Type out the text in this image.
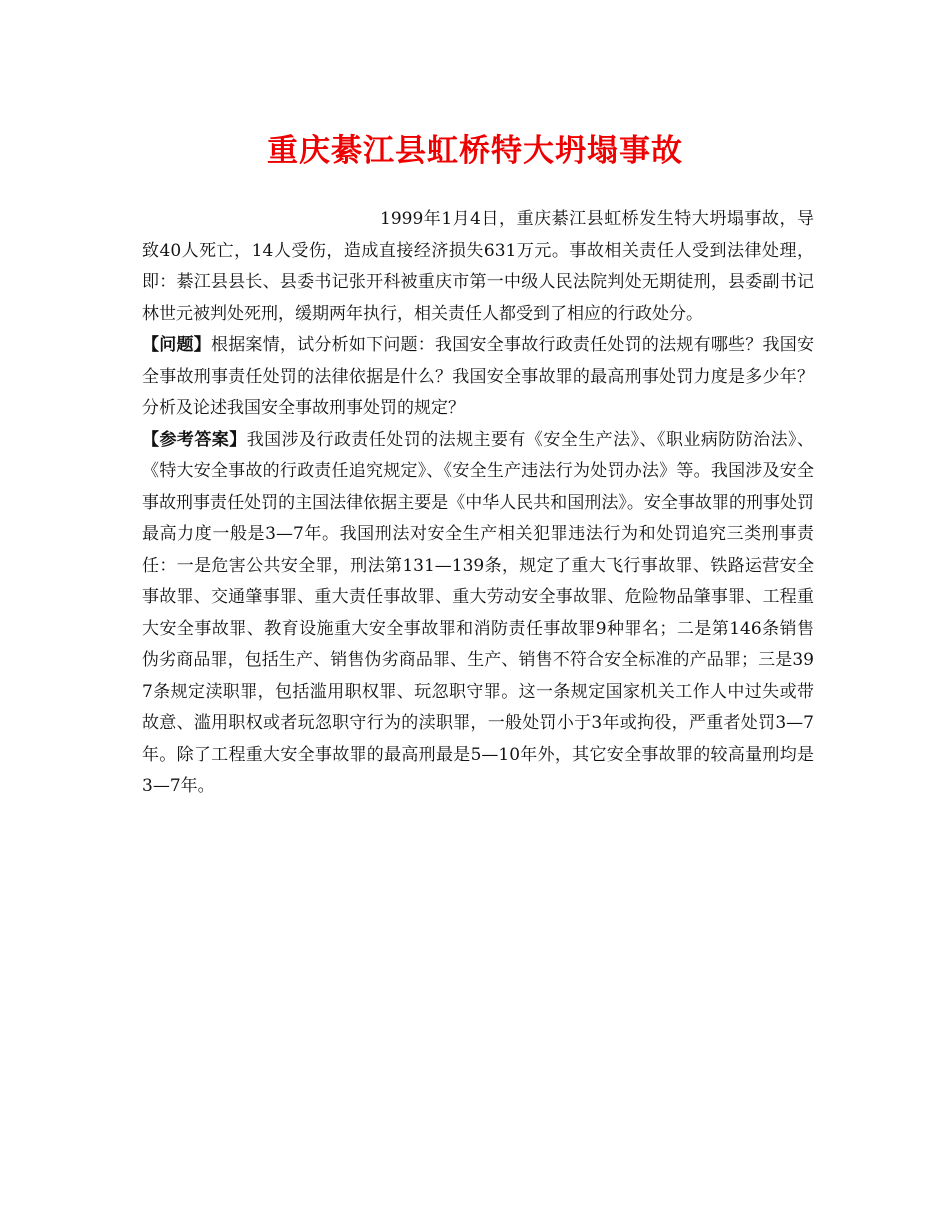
重庆綦江县虹桥特大坍塌事故

1999年1月4日，重庆綦江县虹桥发生特大坍塌事故，导致40人死亡，14人受伤，造成直接经济损失631万元。事故相关责任人受到法律处理，即：綦江县县长、县委书记张开科被重庆市第一中级人民法院判处无期徒刑，县委副书记林世元被判处死刑，缓期两年执行，相关责任人都受到了相应的行政处分。

【问题】根据案情，试分析如下问题：我国安全事故行政责任处罚的法规有哪些？我国安全事故刑事责任处罚的法律依据是什么？我国安全事故罪的最高刑事处罚力度是多少年？分析及论述我国安全事故刑事处罚的规定？

【参考答案】我国涉及行政责任处罚的法规主要有《安全生产法》、《职业病防防治法》、《特大安全事故的行政责任追究规定》、《安全生产违法行为处罚办法》等。我国涉及安全事故刑事责任处罚的主国法律依据主要是《中华人民共和国刑法》。安全事故罪的刑事处罚最高力度一般是3—7年。我国刑法对安全生产相关犯罪违法行为和处罚追究三类刑事责任：一是危害公共安全罪，刑法第131—139条，规定了重大飞行事故罪、铁路运营安全事故罪、交通肇事罪、重大责任事故罪、重大劳动安全事故罪、危险物品肇事罪、工程重大安全事故罪、教育设施重大安全事故罪和消防责任事故罪9种罪名；二是第146条销售伪劣商品罪，包括生产、销售伪劣商品罪、生产、销售不符合安全标准的产品罪；三是397条规定渎职罪，包括滥用职权罪、玩忽职守罪。这一条规定国家机关工作人中过失或带故意、滥用职权或者玩忽职守行为的渎职罪，一般处罚小于3年或拘役，严重者处罚3—7年。除了工程重大安全事故罪的最高刑最是5—10年外，其它安全事故罪的较高量刑均是3—7年。
